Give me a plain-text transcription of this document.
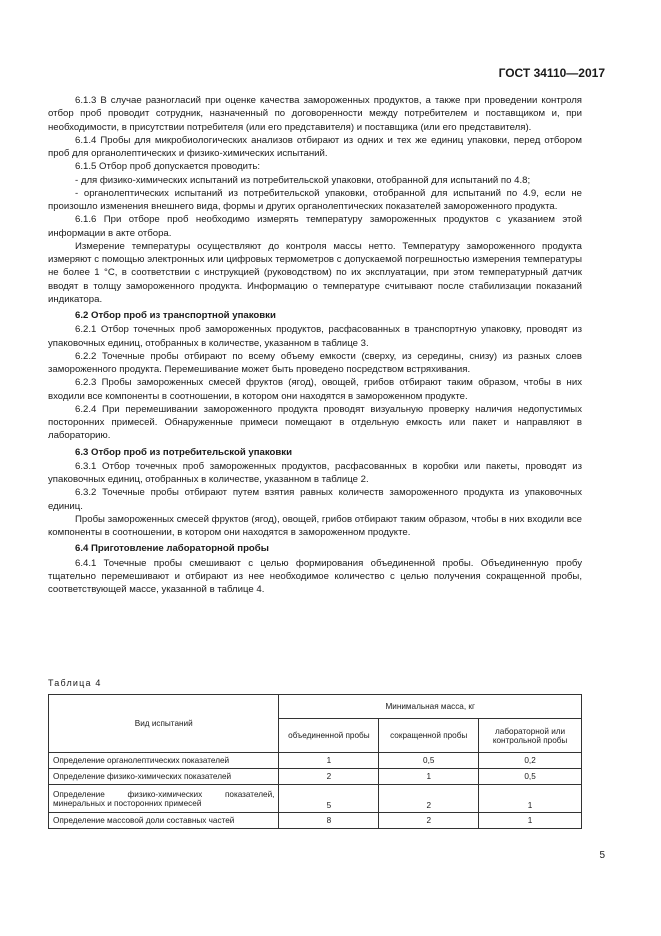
ГОСТ 34110—2017

6.1.3 В случае разногласий при оценке качества замороженных продуктов, а также при проведении контроля отбор проб проводит сотрудник, назначенный по договоренности между потребителем и поставщиком и, при необходимости, в присутствии потребителя (или его представителя) и поставщика (или его представителя).

6.1.4 Пробы для микробиологических анализов отбирают из одних и тех же единиц упаковки, перед отбором проб для органолептических и физико-химических испытаний.

6.1.5 Отбор проб допускается проводить:

- для физико-химических испытаний из потребительской упаковки, отобранной для испытаний по 4.8;

- органолептических испытаний из потребительской упаковки, отобранной для испытаний по 4.9, если не произошло изменения внешнего вида, формы и других органолептических показателей замороженного продукта.

6.1.6 При отборе проб необходимо измерять температуру замороженных продуктов с указанием этой информации в акте отбора.

Измерение температуры осуществляют до контроля массы нетто. Температуру замороженного продукта измеряют с помощью электронных или цифровых термометров с допускаемой погрешностью измерения температуры не более 1 °C, в соответствии с инструкцией (руководством) по их эксплуатации, при этом температурный датчик вводят в толщу замороженного продукта. Информацию о температуре считывают после стабилизации показаний индикатора.

6.2 Отбор проб из транспортной упаковки

6.2.1 Отбор точечных проб замороженных продуктов, расфасованных в транспортную упаковку, проводят из упаковочных единиц, отобранных в количестве, указанном в таблице 3.

6.2.2 Точечные пробы отбирают по всему объему емкости (сверху, из середины, снизу) из разных слоев замороженного продукта. Перемешивание может быть проведено посредством встряхивания.

6.2.3 Пробы замороженных смесей фруктов (ягод), овощей, грибов отбирают таким образом, чтобы в них входили все компоненты в соотношении, в котором они находятся в замороженном продукте.

6.2.4 При перемешивании замороженного продукта проводят визуальную проверку наличия недопустимых посторонних примесей. Обнаруженные примеси помещают в отдельную емкость или пакет и направляют в лабораторию.

6.3 Отбор проб из потребительской упаковки

6.3.1 Отбор точечных проб замороженных продуктов, расфасованных в коробки или пакеты, проводят из упаковочных единиц, отобранных в количестве, указанном в таблице 2.

6.3.2 Точечные пробы отбирают путем взятия равных количеств замороженного продукта из упаковочных единиц.

Пробы замороженных смесей фруктов (ягод), овощей, грибов отбирают таким образом, чтобы в них входили все компоненты в соотношении, в котором они находятся в замороженном продукте.

6.4 Приготовление лабораторной пробы

6.4.1 Точечные пробы смешивают с целью формирования объединенной пробы. Объединенную пробу тщательно перемешивают и отбирают из нее необходимое количество с целью получения сокращенной пробы, соответствующей массе, указанной в таблице 4.

Таблица 4
Вид испытаний	Минимальная масса, кг		
	объединенной пробы	сокращенной пробы	лабораторной или контрольной пробы
Определение органолептических показателей	1	0,5	0,2
Определение физико-химических показателей	2	1	0,5
Определение физико-химических показателей, минеральных и посторонних примесей	5	2	1
Определение массовой доли составных частей	8	2	1
5
